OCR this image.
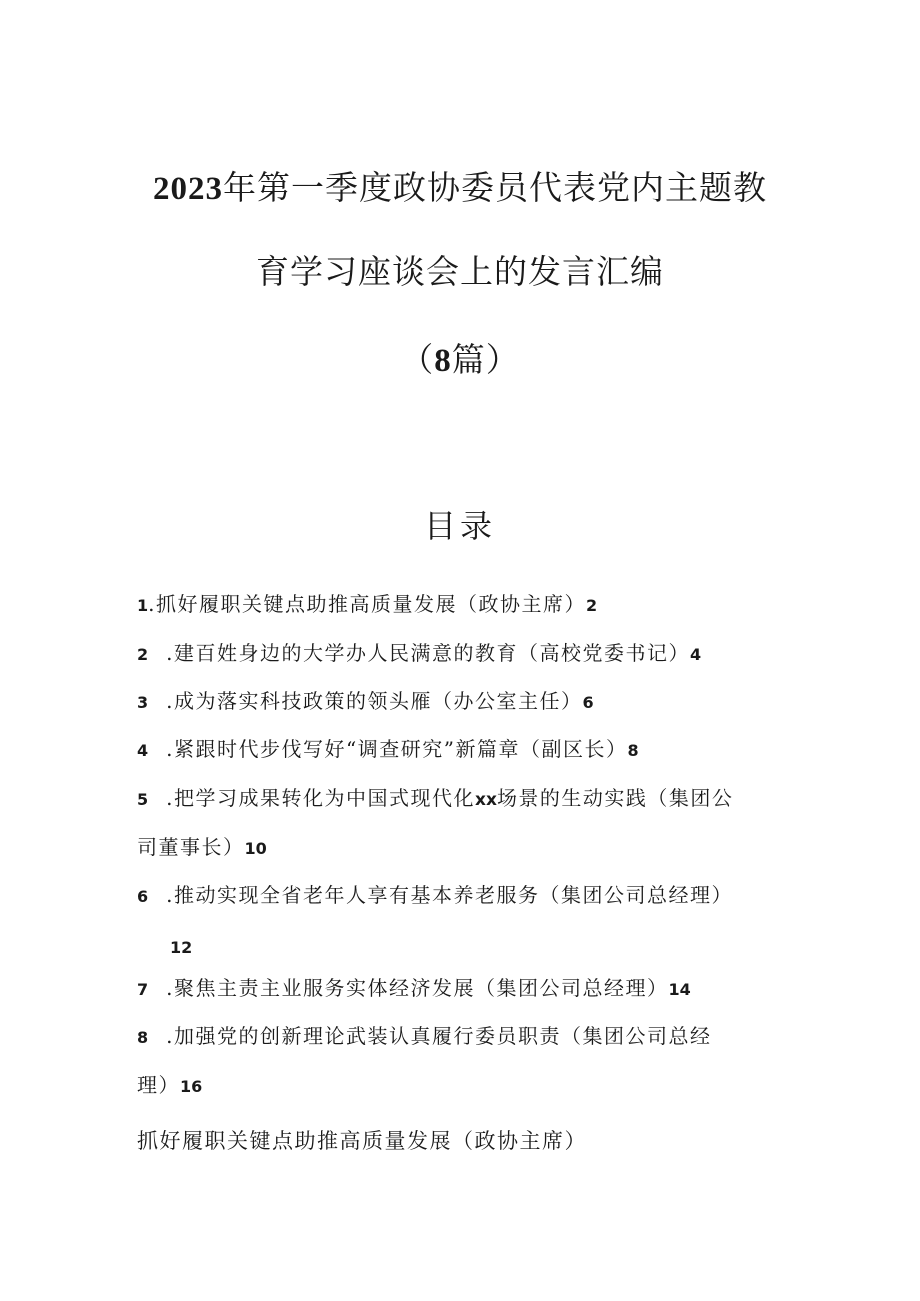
2023年第一季度政协委员代表党内主题教
育学习座谈会上的发言汇编
（8篇）
目录
1.抓好履职关键点助推高质量发展（政协主席）2
2 .建百姓身边的大学办人民满意的教育（高校党委书记）4
3 .成为落实科技政策的领头雁（办公室主任）6
4 .紧跟时代步伐写好“调查研究”新篇章（副区长）8
5 .把学习成果转化为中国式现代化xx场景的生动实践（集团公
司董事长）10
6 .推动实现全省老年人享有基本养老服务（集团公司总经理）
12
7 .聚焦主责主业服务实体经济发展（集团公司总经理）14
8 .加强党的创新理论武装认真履行委员职责（集团公司总经
理）16
抓好履职关键点助推高质量发展（政协主席）
